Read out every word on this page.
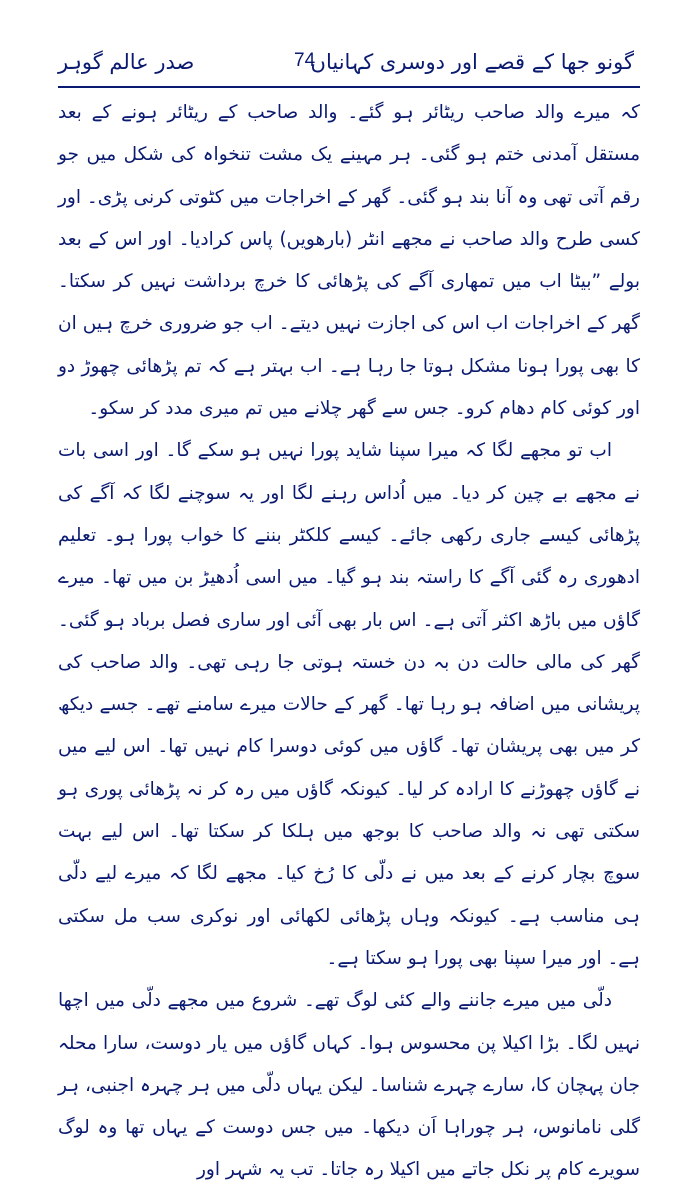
گونو جھا کے قصے اور دوسری کہانیاں
74
صدر عالم گوہر

کہ میرے والد صاحب ریٹائر ہو گئے۔ والد صاحب کے ریٹائر ہونے کے بعد مستقل آمدنی ختم ہو گئی۔ ہر مہینے یک مشت تنخواہ کی شکل میں جو رقم آتی تھی وہ آنا بند ہو گئی۔ گھر کے اخراجات میں کٹوتی کرنی پڑی۔ اور کسی طرح والد صاحب نے مجھے انٹر (بارھویں) پاس کرادیا۔ اور اس کے بعد بولے ”بیٹا اب میں تمھاری آگے کی پڑھائی کا خرچ برداشت نہیں کر سکتا۔ گھر کے اخراجات اب اس کی اجازت نہیں دیتے۔ اب جو ضروری خرچ ہیں ان کا بھی پورا ہونا مشکل ہوتا جا رہا ہے۔ اب بہتر ہے کہ تم پڑھائی چھوڑ دو اور کوئی کام دھام کرو۔ جس سے گھر چلانے میں تم میری مدد کر سکو۔

اب تو مجھے لگا کہ میرا سپنا شاید پورا نہیں ہو سکے گا۔ اور اسی بات نے مجھے بے چین کر دیا۔ میں اُداس رہنے لگا اور یہ سوچنے لگا کہ آگے کی پڑھائی کیسے جاری رکھی جائے۔ کیسے کلکٹر بننے کا خواب پورا ہو۔ تعلیم ادھوری رہ گئی آگے کا راستہ بند ہو گیا۔ میں اسی اُدھیڑ بن میں تھا۔ میرے گاؤں میں باڑھ اکثر آتی ہے۔ اس بار بھی آئی اور ساری فصل برباد ہو گئی۔ گھر کی مالی حالت دن بہ دن خستہ ہوتی جا رہی تھی۔ والد صاحب کی پریشانی میں اضافہ ہو رہا تھا۔ گھر کے حالات میرے سامنے تھے۔ جسے دیکھ کر میں بھی پریشان تھا۔ گاؤں میں کوئی دوسرا کام نہیں تھا۔ اس لیے میں نے گاؤں چھوڑنے کا ارادہ کر لیا۔ کیونکہ گاؤں میں رہ کر نہ پڑھائی پوری ہو سکتی تھی نہ والد صاحب کا بوجھ میں ہلکا کر سکتا تھا۔ اس لیے بہت سوچ بچار کرنے کے بعد میں نے دلّی کا رُخ کیا۔ مجھے لگا کہ میرے لیے دلّی ہی مناسب ہے۔ کیونکہ وہاں پڑھائی لکھائی اور نوکری سب مل سکتی ہے۔ اور میرا سپنا بھی پورا ہو سکتا ہے۔

دلّی میں میرے جاننے والے کئی لوگ تھے۔ شروع میں مجھے دلّی میں اچھا نہیں لگا۔ بڑا اکیلا پن محسوس ہوا۔ کہاں گاؤں میں یار دوست، سارا محلہ جان پہچان کا، سارے چہرے شناسا۔ لیکن یہاں دلّی میں ہر چہرہ اجنبی، ہر گلی نامانوس، ہر چوراہا اَن دیکھا۔ میں جس دوست کے یہاں تھا وہ لوگ سویرے کام پر نکل جاتے میں اکیلا رہ جاتا۔ تب یہ شہر اور
